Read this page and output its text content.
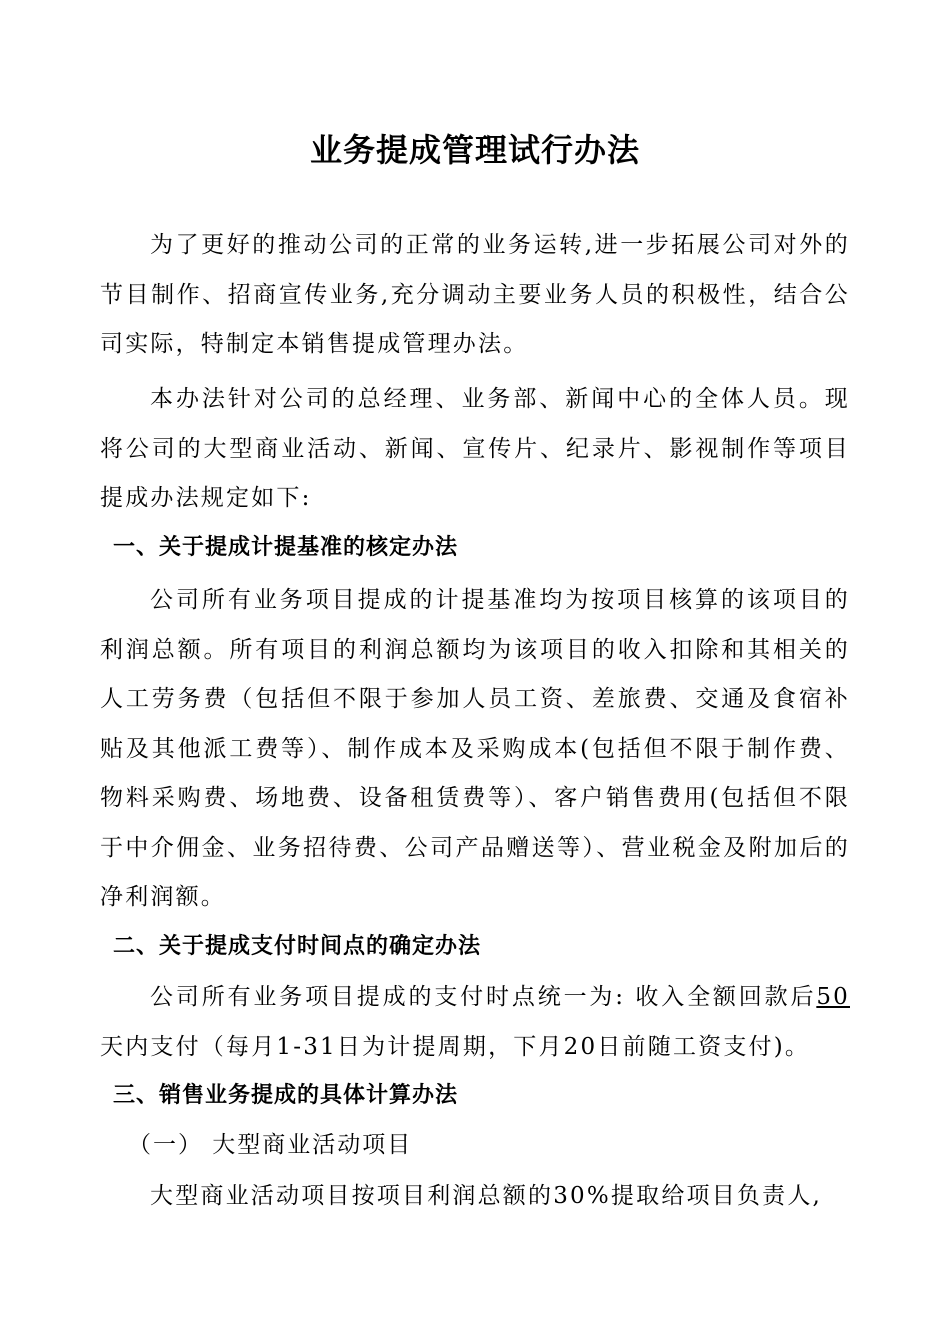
业务提成管理试行办法
为了更好的推动公司的正常的业务运转,进一步拓展公司对外的节目制作、招商宣传业务,充分调动主要业务人员的积极性，结合公司实际，特制定本销售提成管理办法。
本办法针对公司的总经理、业务部、新闻中心的全体人员。现将公司的大型商业活动、新闻、宣传片、纪录片、影视制作等项目提成办法规定如下:
一、关于提成计提基准的核定办法
公司所有业务项目提成的计提基准均为按项目核算的该项目的利润总额。所有项目的利润总额均为该项目的收入扣除和其相关的人工劳务费（包括但不限于参加人员工资、差旅费、交通及食宿补贴及其他派工费等）、制作成本及采购成本(包括但不限于制作费、物料采购费、场地费、设备租赁费等）、客户销售费用(包括但不限于中介佣金、业务招待费、公司产品赠送等）、营业税金及附加后的净利润额。
二、关于提成支付时间点的确定办法
公司所有业务项目提成的支付时点统一为: 收入全额回款后50天内支付（每月1-31日为计提周期，下月20日前随工资支付)。
三、销售业务提成的具体计算办法
（一） 大型商业活动项目
大型商业活动项目按项目利润总额的30%提取给项目负责人,
